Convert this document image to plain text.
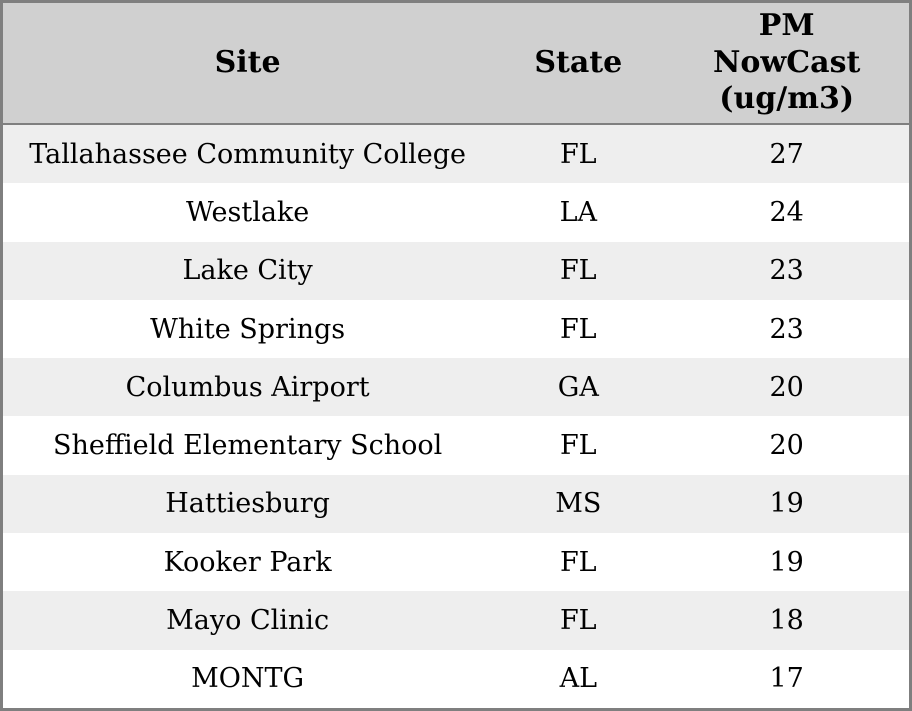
Site	State	PM NowCast (ug/m3)

Tallahassee Community College	FL	27
Westlake	LA	24
Lake City	FL	23
White Springs	FL	23
Columbus Airport	GA	20
Sheffield Elementary School	FL	20
Hattiesburg	MS	19
Kooker Park	FL	19
Mayo Clinic	FL	18
MONTG	AL	17
